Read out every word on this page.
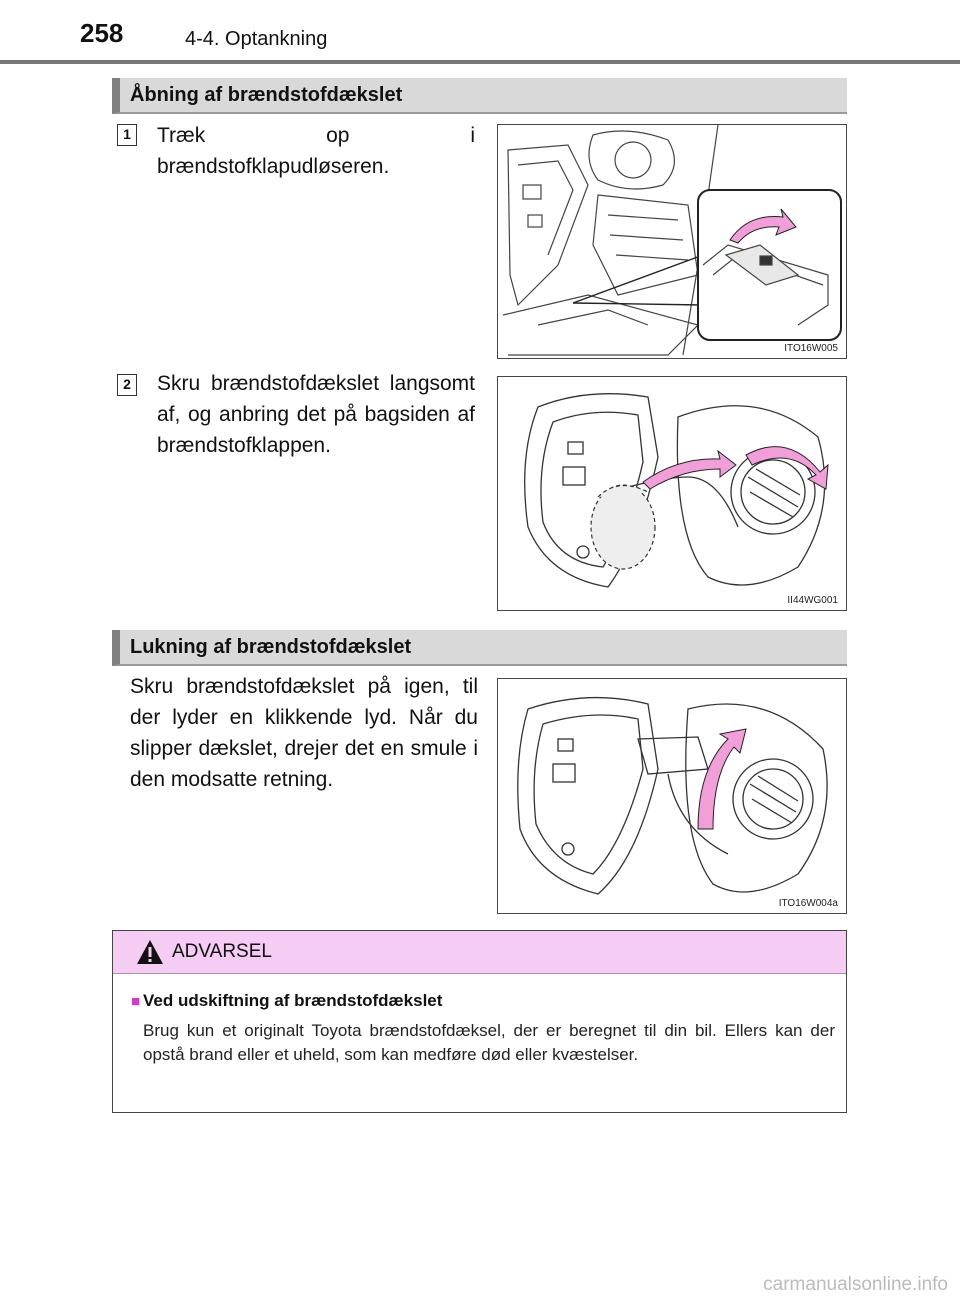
258	4-4. Optankning
Åbning af brændstofdækslet
1 Træk op i brændstofklapudløseren.
ITO16W005
2 Skru brændstofdækslet langsomt af, og anbring det på bagsiden af brændstofklappen.
II44WG001
Lukning af brændstofdækslet
Skru brændstofdækslet på igen, til der lyder en klikkende lyd. Når du slipper dækslet, drejer det en smule i den modsatte retning.
ITO16W004a
ADVARSEL
■ Ved udskiftning af brændstofdækslet
Brug kun et originalt Toyota brændstofdæksel, der er beregnet til din bil. Ellers kan der opstå brand eller et uheld, som kan medføre død eller kvæstelser.
carmanualsonline.info
